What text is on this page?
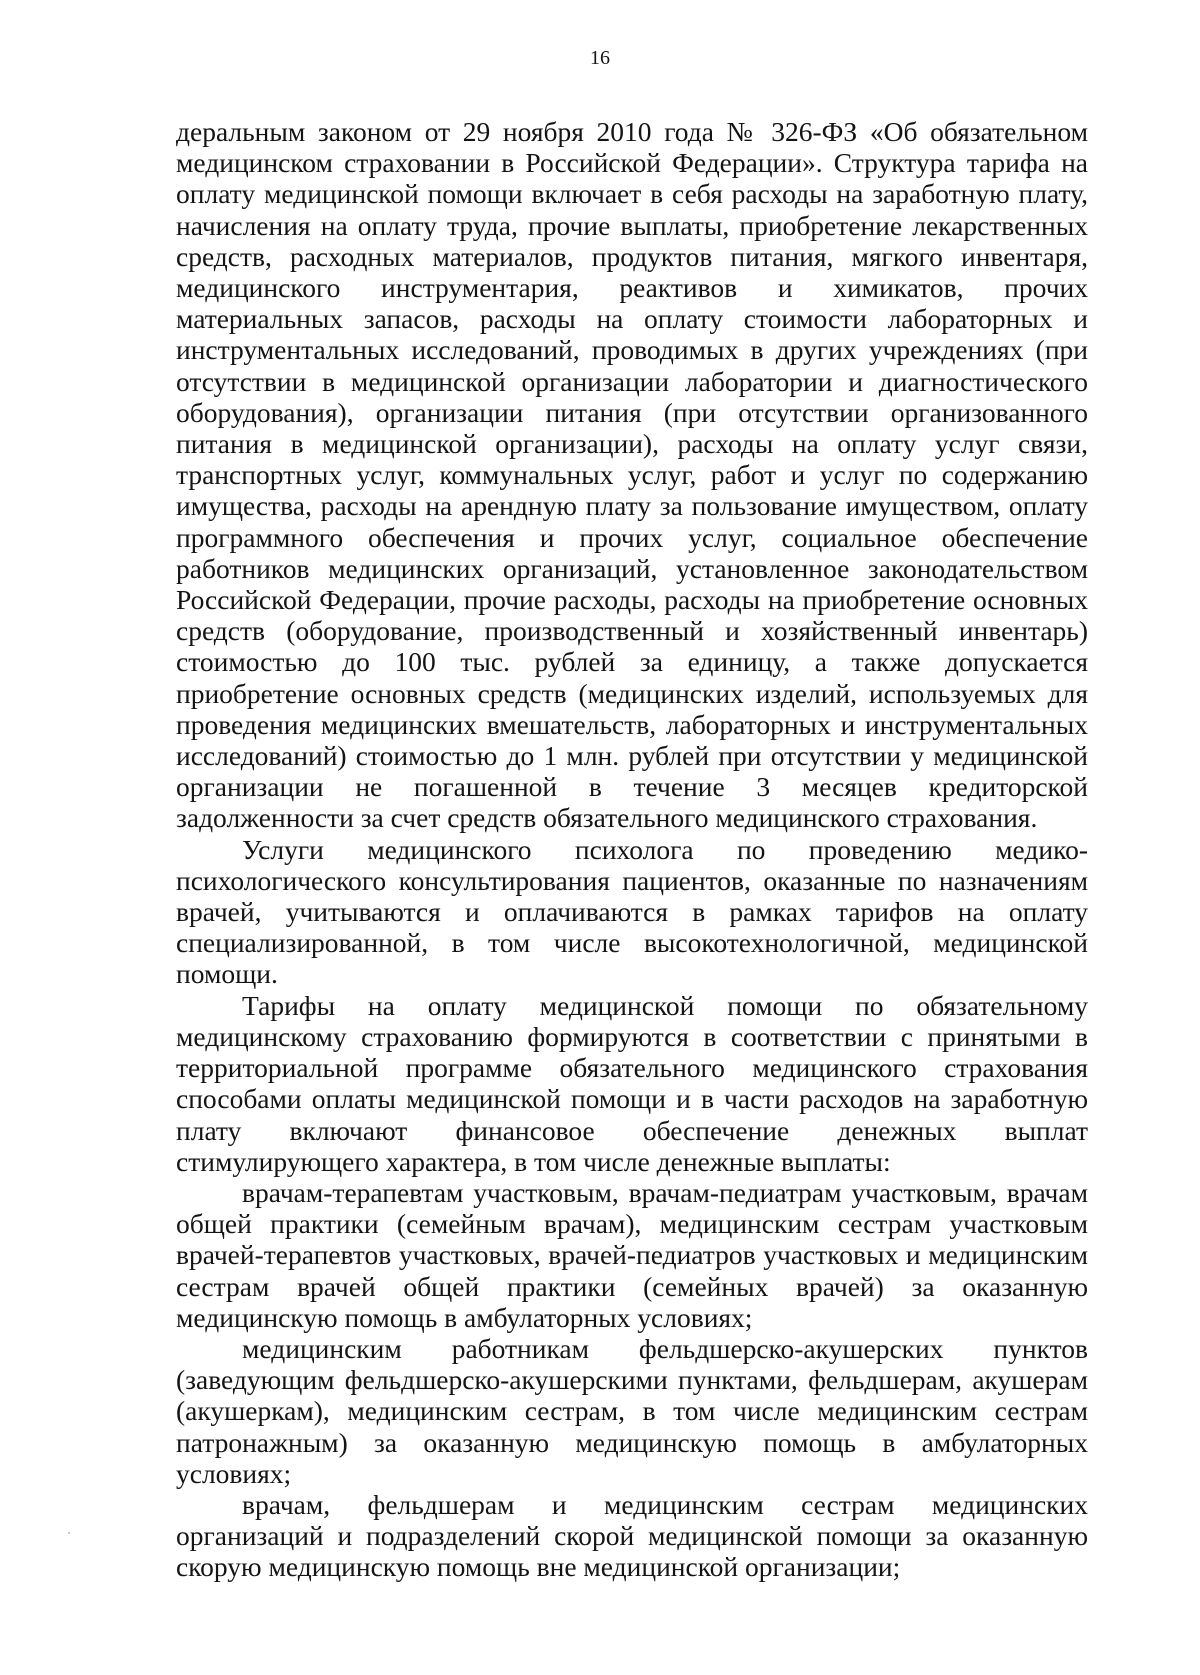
16

деральным законом от 29 ноября 2010 года № 326-ФЗ «Об обязательном медицинском страховании в Российской Федерации». Структура тарифа на оплату медицинской помощи включает в себя расходы на заработную плату, начисления на оплату труда, прочие выплаты, приобретение лекарственных средств, расходных материалов, продуктов питания, мягкого инвентаря, медицинского инструментария, реактивов и химикатов, прочих материальных запасов, расходы на оплату стоимости лабораторных и инструментальных исследований, проводимых в других учреждениях (при отсутствии в медицинской организации лаборатории и диагностического оборудования), организации питания (при отсутствии организованного питания в медицинской организации), расходы на оплату услуг связи, транспортных услуг, коммунальных услуг, работ и услуг по содержанию имущества, расходы на арендную плату за пользование имуществом, оплату программного обеспечения и прочих услуг, социальное обеспечение работников медицинских организаций, установленное законодательством Российской Федерации, прочие расходы, расходы на приобретение основных средств (оборудование, производственный и хозяйственный инвентарь) стоимостью до 100 тыс. рублей за единицу, а также допускается приобретение основных средств (медицинских изделий, используемых для проведения медицинских вмешательств, лабораторных и инструментальных исследований) стоимостью до 1 млн. рублей при отсутствии у медицинской организации не погашенной в течение 3 месяцев кредиторской задолженности за счет средств обязательного медицинского страхования.

Услуги медицинского психолога по проведению медико-психологического консультирования пациентов, оказанные по назначениям врачей, учитываются и оплачиваются в рамках тарифов на оплату специализированной, в том числе высокотехнологичной, медицинской помощи.

Тарифы на оплату медицинской помощи по обязательному медицинскому страхованию формируются в соответствии с принятыми в территориальной программе обязательного медицинского страхования способами оплаты медицинской помощи и в части расходов на заработную плату включают финансовое обеспечение денежных выплат стимулирующего характера, в том числе денежные выплаты:

врачам-терапевтам участковым, врачам-педиатрам участковым, врачам общей практики (семейным врачам), медицинским сестрам участковым врачей-терапевтов участковых, врачей-педиатров участковых и медицинским сестрам врачей общей практики (семейных врачей) за оказанную медицинскую помощь в амбулаторных условиях;

медицинским работникам фельдшерско-акушерских пунктов (заведующим фельдшерско-акушерскими пунктами, фельдшерам, акушерам (акушеркам), медицинским сестрам, в том числе медицинским сестрам патронажным) за оказанную медицинскую помощь в амбулаторных условиях;

врачам, фельдшерам и медицинским сестрам медицинских организаций и подразделений скорой медицинской помощи за оказанную скорую медицинскую помощь вне медицинской организации;
